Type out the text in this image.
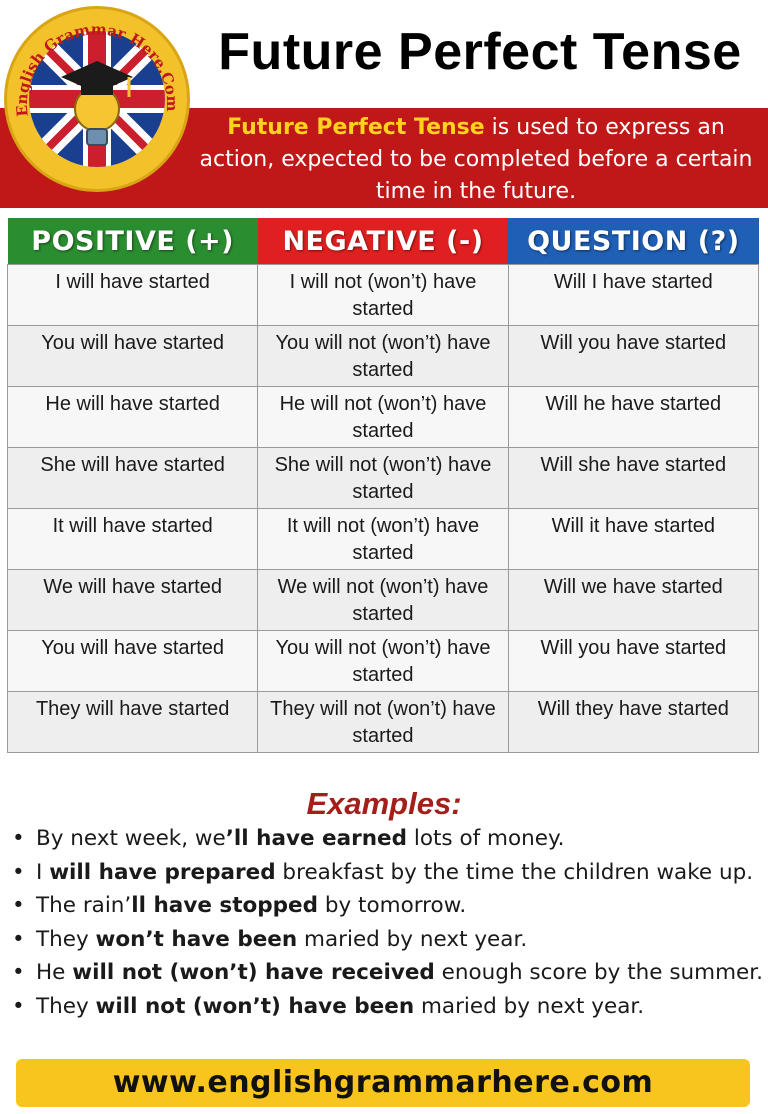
English Grammar Here.Com
Future Perfect Tense
Future Perfect Tense is used to express an action, expected to be completed before a certain time in the future.
POSITIVE (+)	NEGATIVE (-)	QUESTION (?)
I will have started	I will not (won’t) have started	Will I have started
You will have started	You will not (won’t) have started	Will you have started
He will have started	He will not (won’t) have started	Will he have started
She will have started	She will not (won’t) have started	Will she have started
It will have started	It will not (won’t) have started	Will it have started
We will have started	We will not (won’t) have started	Will we have started
You will have started	You will not (won’t) have started	Will you have started
They will have started	They will not (won’t) have started	Will they have started
Examples:
• By next week, we’ll have earned lots of money.
• I will have prepared breakfast by the time the children wake up.
• The rain’ll have stopped by tomorrow.
• They won’t have been maried by next year.
• He will not (won’t) have received enough score by the summer.
• They will not (won’t) have been maried by next year.
www.englishgrammarhere.com
